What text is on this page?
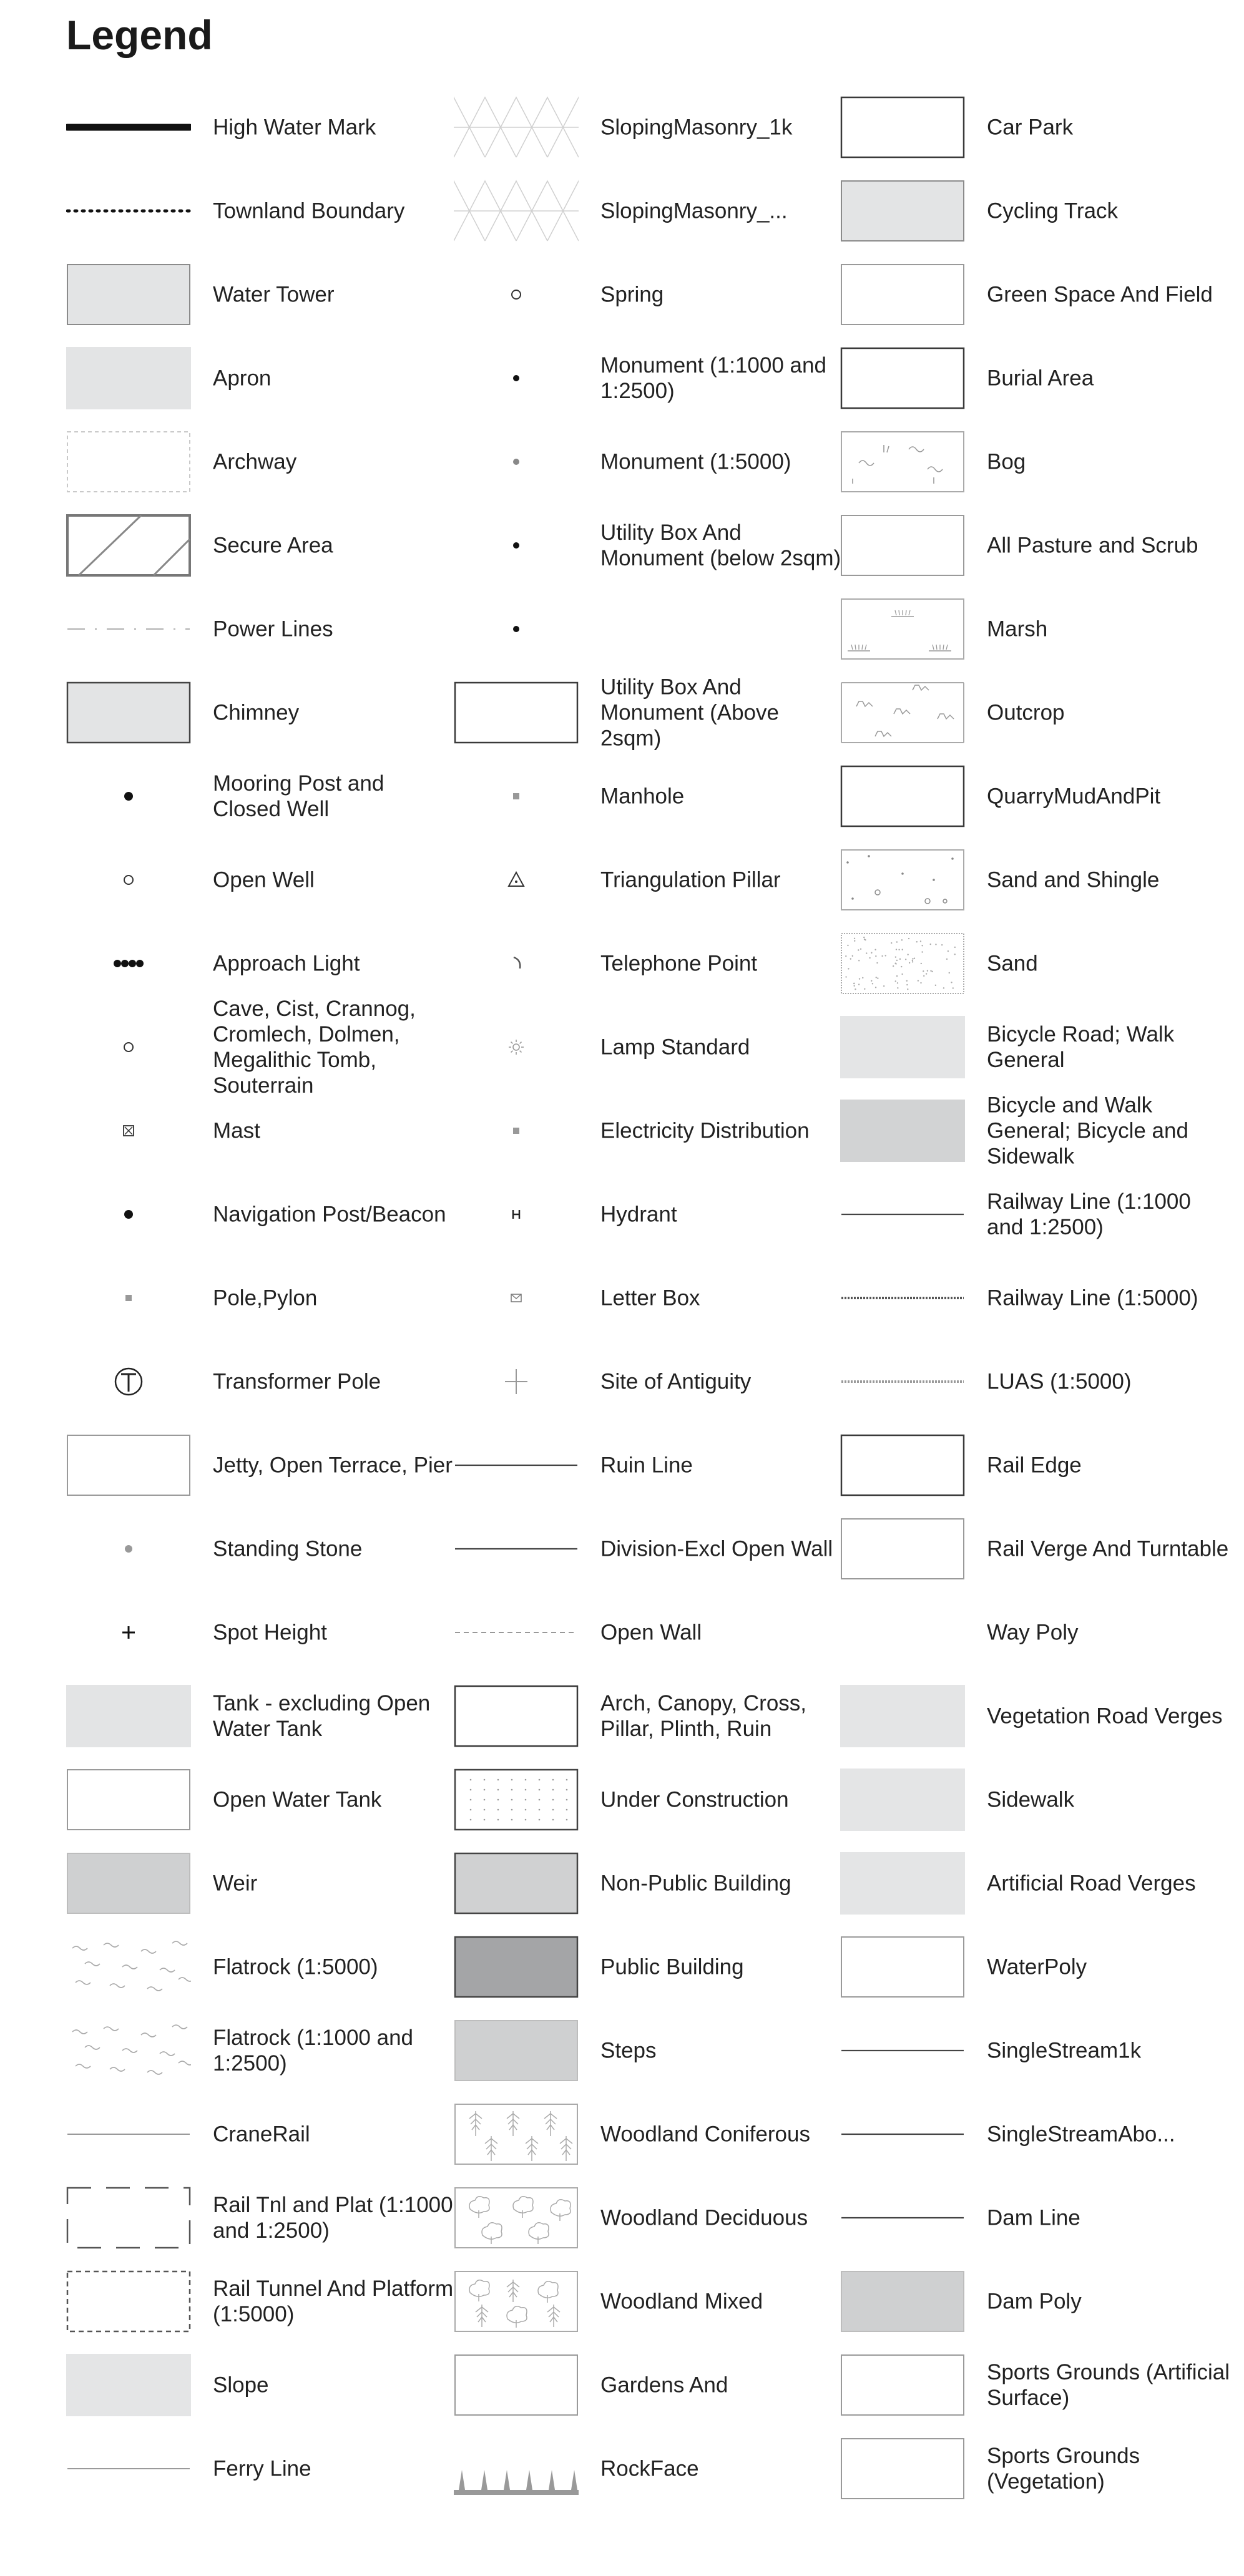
Legend
High Water Mark
Townland Boundary
Water Tower
Apron
Archway
Secure Area
Power Lines
Chimney
Mooring Post and Closed Well
Open Well
Approach Light
Cave, Cist, Crannog, Cromlech, Dolmen, Megalithic Tomb, Souterrain
Mast
Navigation Post/Beacon
Pole,Pylon
Transformer Pole
Jetty, Open Terrace, Pier
Standing Stone
Spot Height
Tank - excluding Open Water Tank
Open Water Tank
Weir
Flatrock (1:5000)
Flatrock (1:1000 and 1:2500)
CraneRail
Rail Tnl and Plat (1:1000 and 1:2500)
Rail Tunnel And Platform (1:5000)
Slope
Ferry Line
SlopingMasonry_1k
SlopingMasonry_...
Spring
Monument (1:1000 and 1:2500)
Monument (1:5000)
Utility Box And Monument (below 2sqm)
Utility Box And Monument (Above 2sqm)
Manhole
Triangulation Pillar
Telephone Point
Lamp Standard
Electricity Distribution
Hydrant
Letter Box
Site of Antiguity
Ruin Line
Division-Excl Open Wall
Open Wall
Arch, Canopy, Cross, Pillar, Plinth, Ruin
Under Construction
Non-Public Building
Public Building
Steps
Woodland Coniferous
Woodland Deciduous
Woodland Mixed
Gardens And
RockFace
Car Park
Cycling Track
Green Space And Field
Burial Area
Bog
All Pasture and Scrub
Marsh
Outcrop
QuarryMudAndPit
Sand and Shingle
Sand
Bicycle Road; Walk General
Bicycle and Walk General; Bicycle and Sidewalk
Railway Line (1:1000 and 1:2500)
Railway Line (1:5000)
LUAS (1:5000)
Rail Edge
Rail Verge And Turntable
Way Poly
Vegetation Road Verges
Sidewalk
Artificial Road Verges
WaterPoly
SingleStream1k
SingleStreamAbo...
Dam Line
Dam Poly
Sports Grounds (Artificial Surface)
Sports Grounds (Vegetation)
